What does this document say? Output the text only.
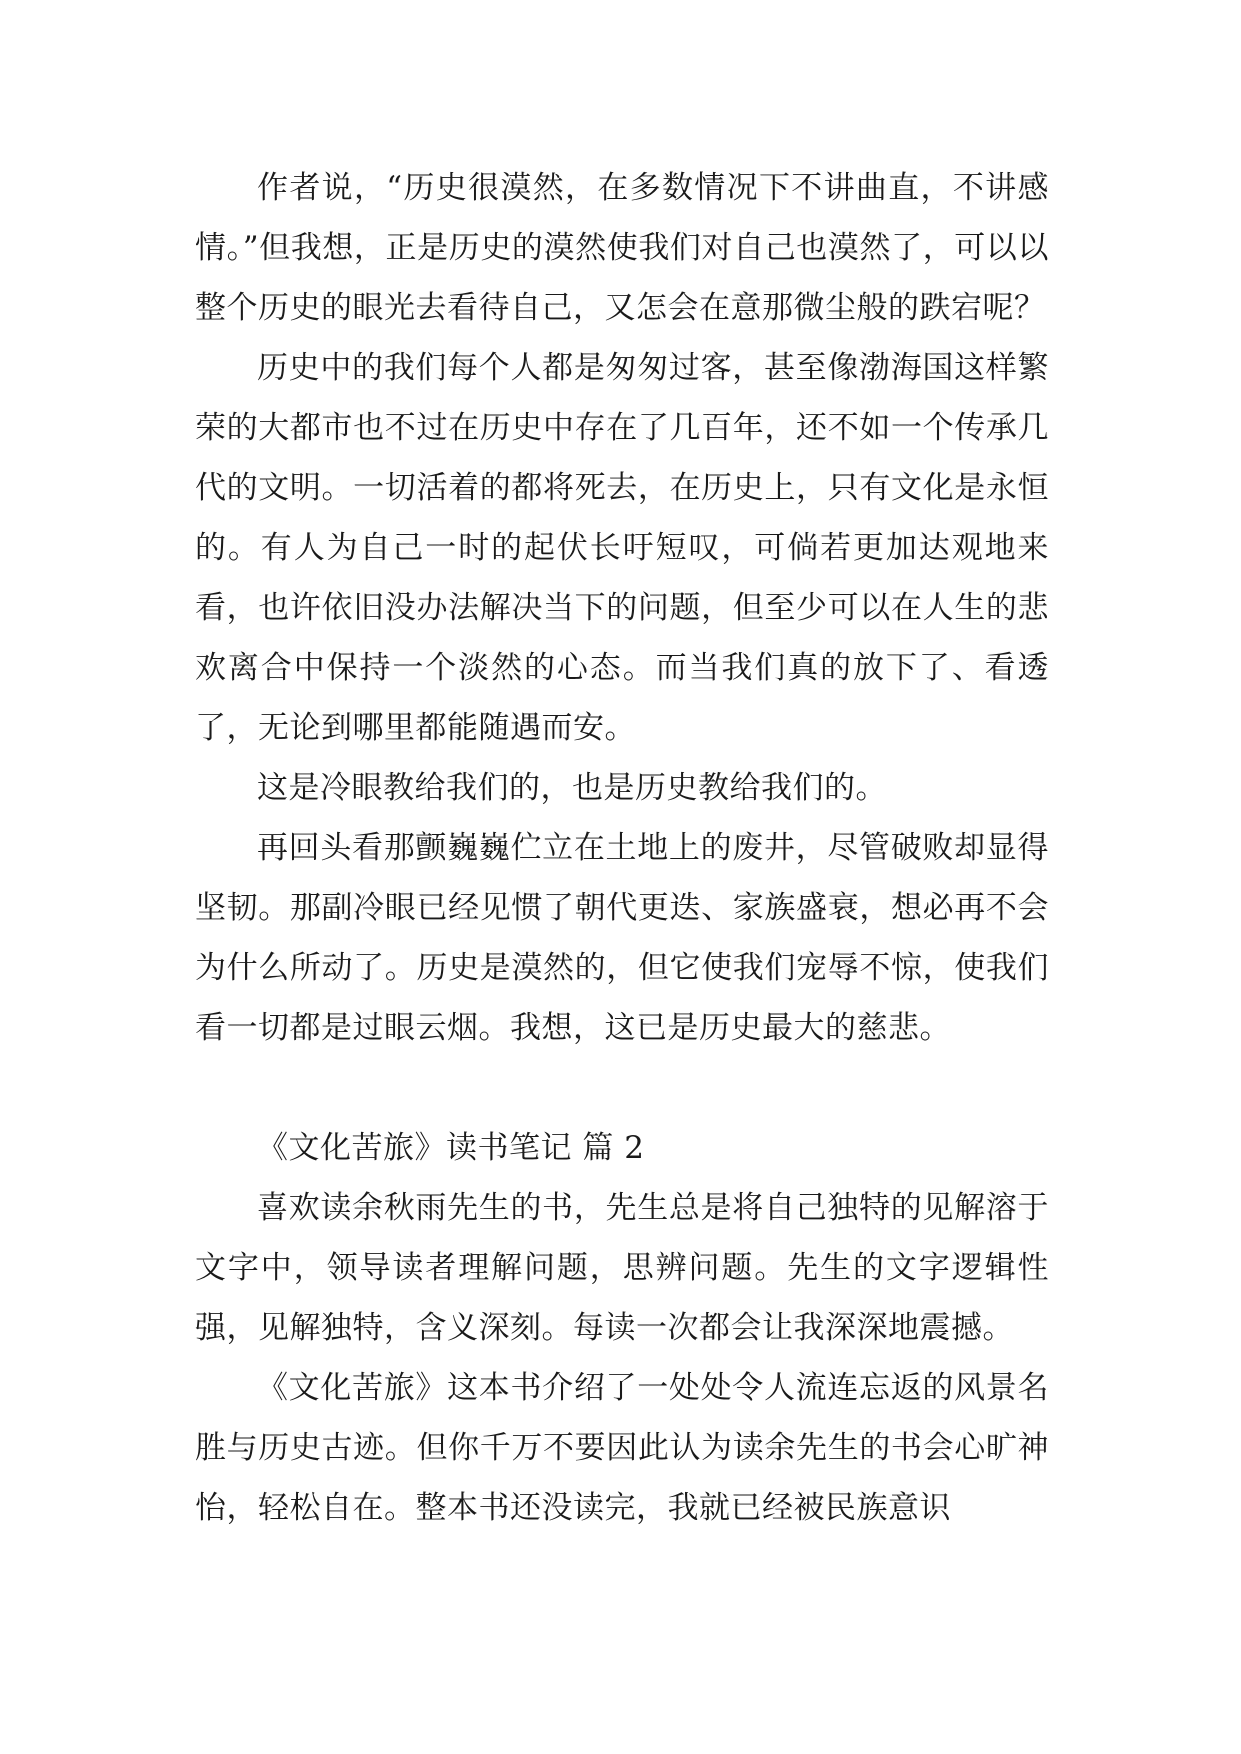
作者说，“历史很漠然，在多数情况下不讲曲直，不讲感情。”但我想，正是历史的漠然使我们对自己也漠然了，可以以整个历史的眼光去看待自己，又怎会在意那微尘般的跌宕呢？

历史中的我们每个人都是匆匆过客，甚至像渤海国这样繁荣的大都市也不过在历史中存在了几百年，还不如一个传承几代的文明。一切活着的都将死去，在历史上，只有文化是永恒的。有人为自己一时的起伏长吁短叹，可倘若更加达观地来看，也许依旧没办法解决当下的问题，但至少可以在人生的悲欢离合中保持一个淡然的心态。而当我们真的放下了、看透了，无论到哪里都能随遇而安。

这是冷眼教给我们的，也是历史教给我们的。

再回头看那颤巍巍伫立在土地上的废井，尽管破败却显得坚韧。那副冷眼已经见惯了朝代更迭、家族盛衰，想必再不会为什么所动了。历史是漠然的，但它使我们宠辱不惊，使我们看一切都是过眼云烟。我想，这已是历史最大的慈悲。

《文化苦旅》读书笔记 篇 2

喜欢读余秋雨先生的书，先生总是将自己独特的见解溶于文字中，领导读者理解问题，思辨问题。先生的文字逻辑性强，见解独特，含义深刻。每读一次都会让我深深地震撼。

《文化苦旅》这本书介绍了一处处令人流连忘返的风景名胜与历史古迹。但你千万不要因此认为读余先生的书会心旷神怡，轻松自在。整本书还没读完，我就已经被民族意识
